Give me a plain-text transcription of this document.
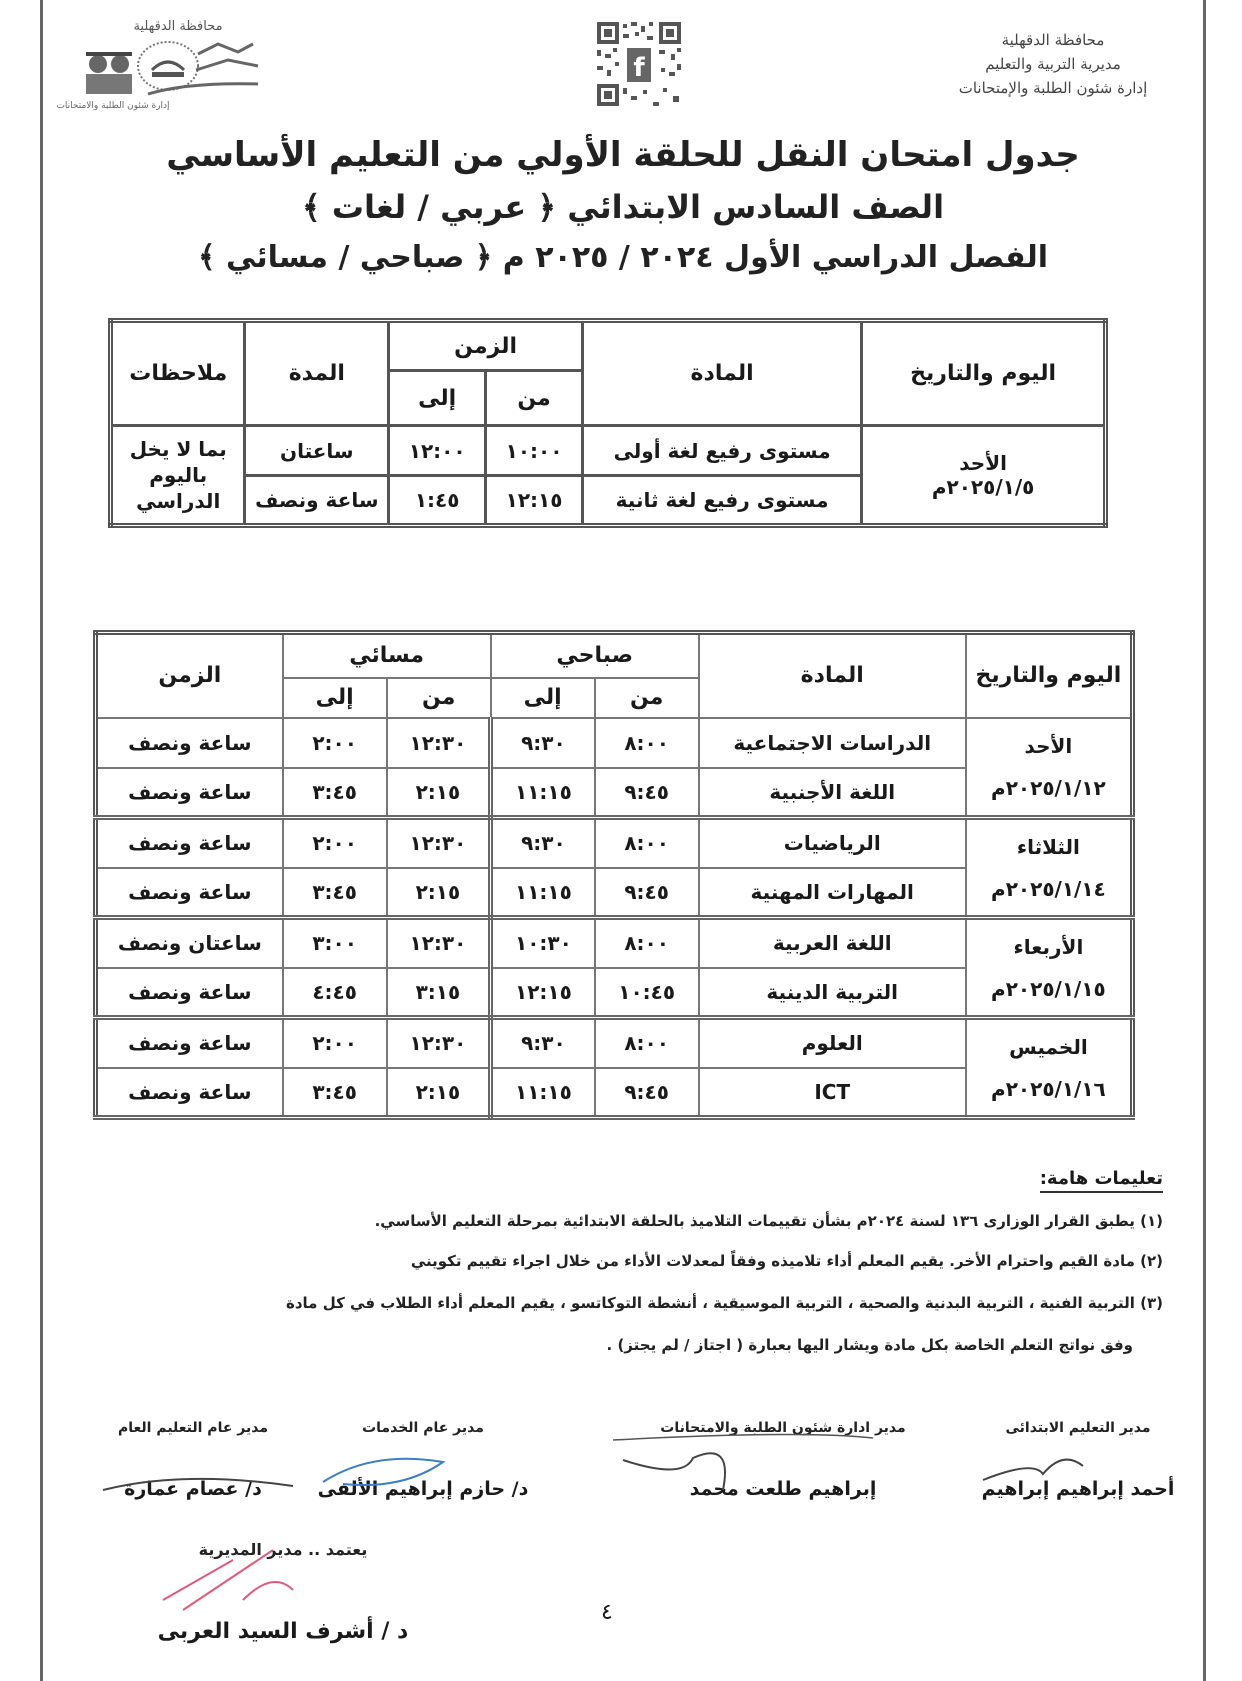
محافظة الدقهلية
مديرية التربية والتعليم
إدارة شئون الطلبة والإمتحانات
f
محافظة الدقهلية
إدارة شئون الطلبة والامتحانات
جدول امتحان النقل للحلقة الأولي من التعليم الأساسي
الصف السادس الابتدائي ﴿ عربي / لغات ﴾
الفصل الدراسي الأول ٢٠٢٤ / ٢٠٢٥ م ﴿ صباحي / مسائي ﴾
اليوم والتاريخ	المادة	الزمن		المدة	ملاحظات
		من	إلى		

الأحد
٢٠٢٥/١/٥م	مستوى رفيع لغة أولى	١٠:٠٠	١٢:٠٠	ساعتان	بما لا يخل باليوم الدراسي
	مستوى رفيع لغة ثانية	١٢:١٥	١:٤٥	ساعة ونصف	
اليوم والتاريخ	المادة	صباحي		مسائي		الزمن
		من	إلى	من	إلى	

الأحد
٢٠٢٥/١/١٢م	الدراسات الاجتماعية	٨:٠٠	٩:٣٠	١٢:٣٠	٢:٠٠	ساعة ونصف
	اللغة الأجنبية	٩:٤٥	١١:١٥	٢:١٥	٣:٤٥	ساعة ونصف

الثلاثاء
٢٠٢٥/١/١٤م	الرياضيات	٨:٠٠	٩:٣٠	١٢:٣٠	٢:٠٠	ساعة ونصف
	المهارات المهنية	٩:٤٥	١١:١٥	٢:١٥	٣:٤٥	ساعة ونصف

الأربعاء
٢٠٢٥/١/١٥م	اللغة العربية	٨:٠٠	١٠:٣٠	١٢:٣٠	٣:٠٠	ساعتان ونصف
	التربية الدينية	١٠:٤٥	١٢:١٥	٣:١٥	٤:٤٥	ساعة ونصف

الخميس
٢٠٢٥/١/١٦م	العلوم	٨:٠٠	٩:٣٠	١٢:٣٠	٢:٠٠	ساعة ونصف
	ICT	٩:٤٥	١١:١٥	٢:١٥	٣:٤٥	ساعة ونصف
تعليمات هامة:
(١) يطبق القرار الوزارى ١٣٦ لسنة ٢٠٢٤م بشأن تقييمات التلاميذ بالحلقة الابتدائية بمرحلة التعليم الأساسي.
(٢) مادة القيم واحترام الأخر. يقيم المعلم أداء تلاميذه وفقاً لمعدلات الأداء من خلال اجراء تقييم تكويني
(٣) التربية الفنية ، التربية البدنية والصحية ، التربية الموسيقية ، أنشطة التوكاتسو ، يقيم المعلم أداء الطلاب في كل مادة
وفق نواتج التعلم الخاصة بكل مادة ويشار اليها بعبارة ( اجتاز / لم يجتز) .
مدير التعليم الابتدائى
أحمد إبراهيم إبراهيم
مدير ادارة شئون الطلبة والامتحانات
إبراهيم طلعت محمد
مدير عام الخدمات
د/ حازم إبراهيم الألفى
مدير عام التعليم العام
د/ عصام عمارة
يعتمد .. مدير المديرية
د / أشرف السيد العربى
٤
